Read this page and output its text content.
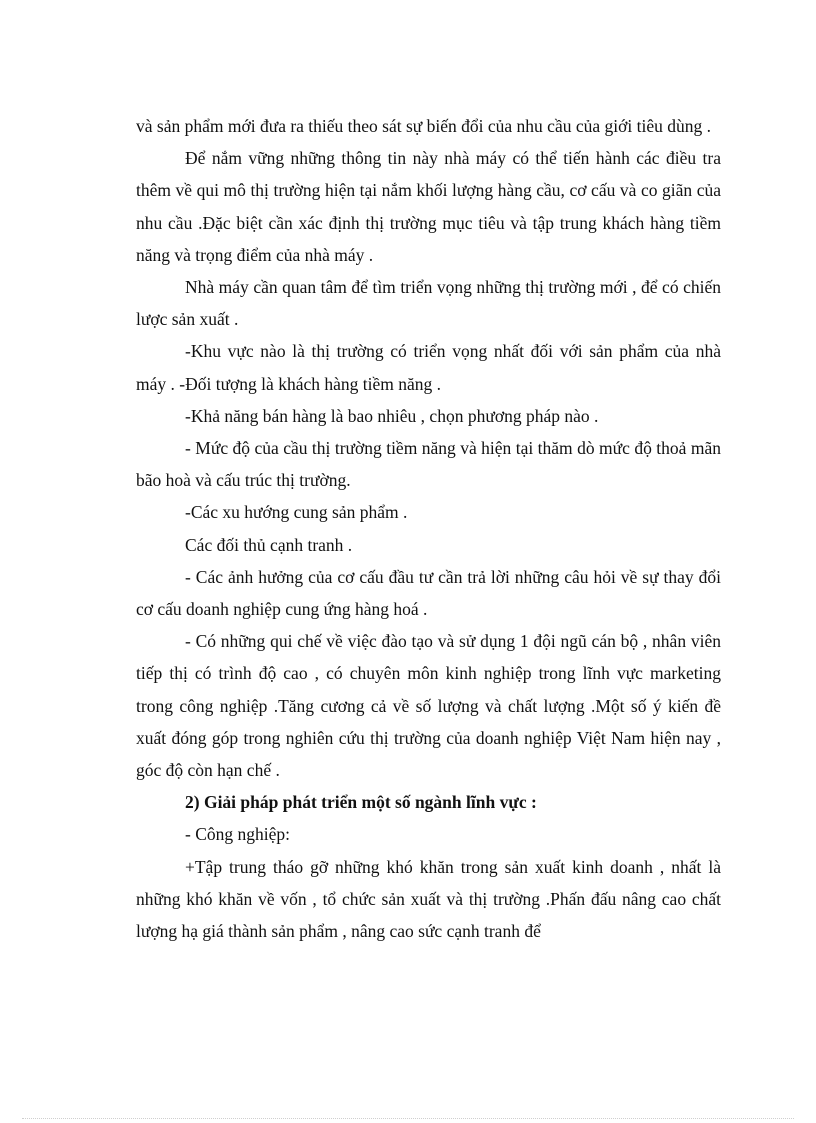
và sản phẩm mới đưa ra thiếu theo sát sự biến đổi của nhu cầu của giới tiêu dùng .

Để nắm vững những thông tin này nhà máy có thể tiến hành các điều tra thêm về qui mô thị trường hiện tại nắm khối lượng hàng cầu, cơ cấu và co giãn của nhu cầu .Đặc biệt cần xác định thị trường mục tiêu và tập trung khách hàng tiềm năng và trọng điểm của nhà máy .

Nhà máy cần quan tâm để tìm triển vọng những thị trường mới , để có chiến lược sản xuất .

-Khu vực nào là thị trường có triển vọng nhất đối với sản phẩm của nhà máy . -Đối tượng là khách hàng tiềm năng .

-Khả năng bán hàng là bao nhiêu , chọn phương pháp nào .

- Mức độ của cầu thị trường tiềm năng và hiện tại thăm dò mức độ thoả mãn bão hoà và cấu trúc thị trường.

-Các xu hướng cung sản phẩm .

Các đối thủ cạnh tranh .

- Các ảnh hưởng của cơ cấu đầu tư cần trả lời những câu hỏi về sự thay đổi cơ cấu doanh nghiệp cung ứng hàng hoá .

- Có những qui chế về việc đào tạo và sử dụng 1 đội ngũ cán bộ , nhân viên tiếp thị có trình độ cao , có chuyên môn kinh nghiệp trong lĩnh vực marketing trong công nghiệp .Tăng cương cả về số lượng và chất lượng .Một số ý kiến đề xuất đóng góp trong nghiên cứu thị trường của doanh nghiệp Việt Nam hiện nay , góc độ còn hạn chế .

2) Giải pháp phát triển một số ngành lĩnh vực :

- Công nghiệp:

+Tập trung tháo gỡ những khó khăn trong sản xuất kinh doanh , nhất là những khó khăn về vốn , tổ chức sản xuất và thị trường .Phấn đấu nâng cao chất lượng hạ giá thành sản phẩm , nâng cao sức cạnh tranh để
